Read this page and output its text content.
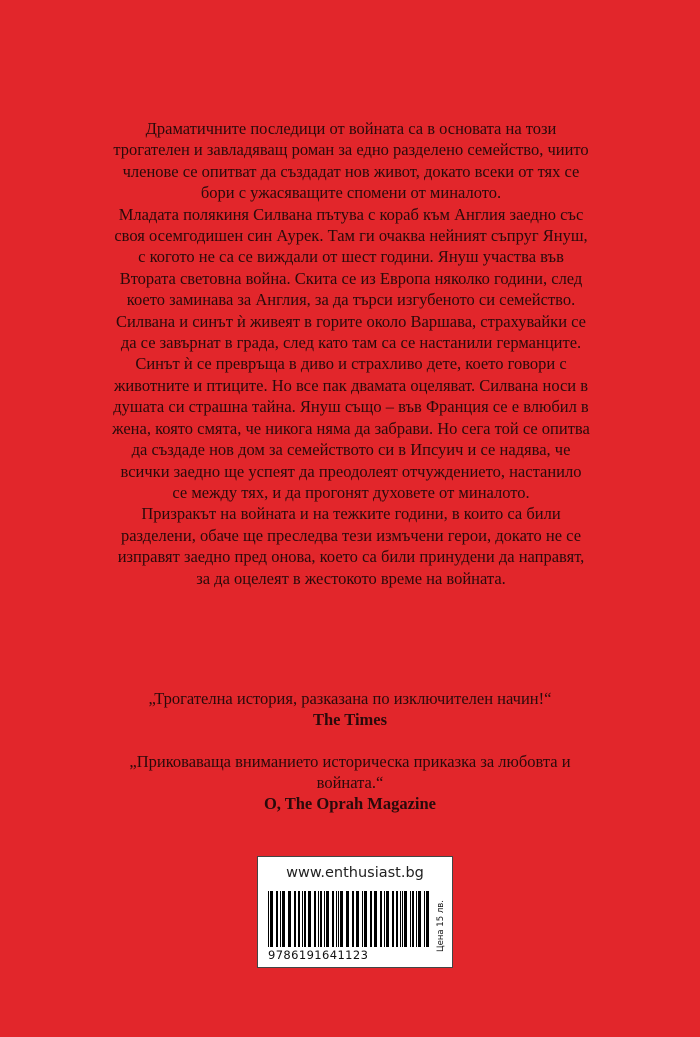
Драматичните последици от войната са в основата на този трогателен и завладяващ роман за едно разделено семейство, чиито членове се опитват да създадат нов живот, докато всеки от тях се бори с ужасяващите спомени от миналото.

Младата полякиня Силвана пътува с кораб към Англия заедно със своя осемгодишен син Аурек. Там ги очаква нейният съпруг Януш, с когото не са се виждали от шест години. Януш участва във Втората световна война. Скита се из Европа няколко години, след което заминава за Англия, за да търси изгубеното си семейство.

Силвана и синът ѝ живеят в горите около Варшава, страхувайки се да се завърнат в града, след като там са се настанили германците. Синът ѝ се превръща в диво и страхливо дете, което говори с животните и птиците. Но все пак двамата оцеляват. Силвана носи в душата си страшна тайна. Януш също – във Франция се е влюбил в жена, която смята, че никога няма да забрави. Но сега той се опитва да създаде нов дом за семейството си в Ипсуич и се надява, че всички заедно ще успеят да преодолеят отчуждението, настанило се между тях, и да прогонят духовете от миналото.

Призракът на войната и на тежките години, в които са били разделени, обаче ще преследва тези измъчени герои, докато не се изправят заедно пред онова, което са били принудени да направят, за да оцелеят в жестокото време на войната.

„Трогателна история, разказана по изключителен начин!“

The Times

„Приковаваща вниманието историческа приказка за любовта и войната.“

O, The Oprah Magazine

www.enthusiast.bg
9786191641123
Цена 15 лв.
